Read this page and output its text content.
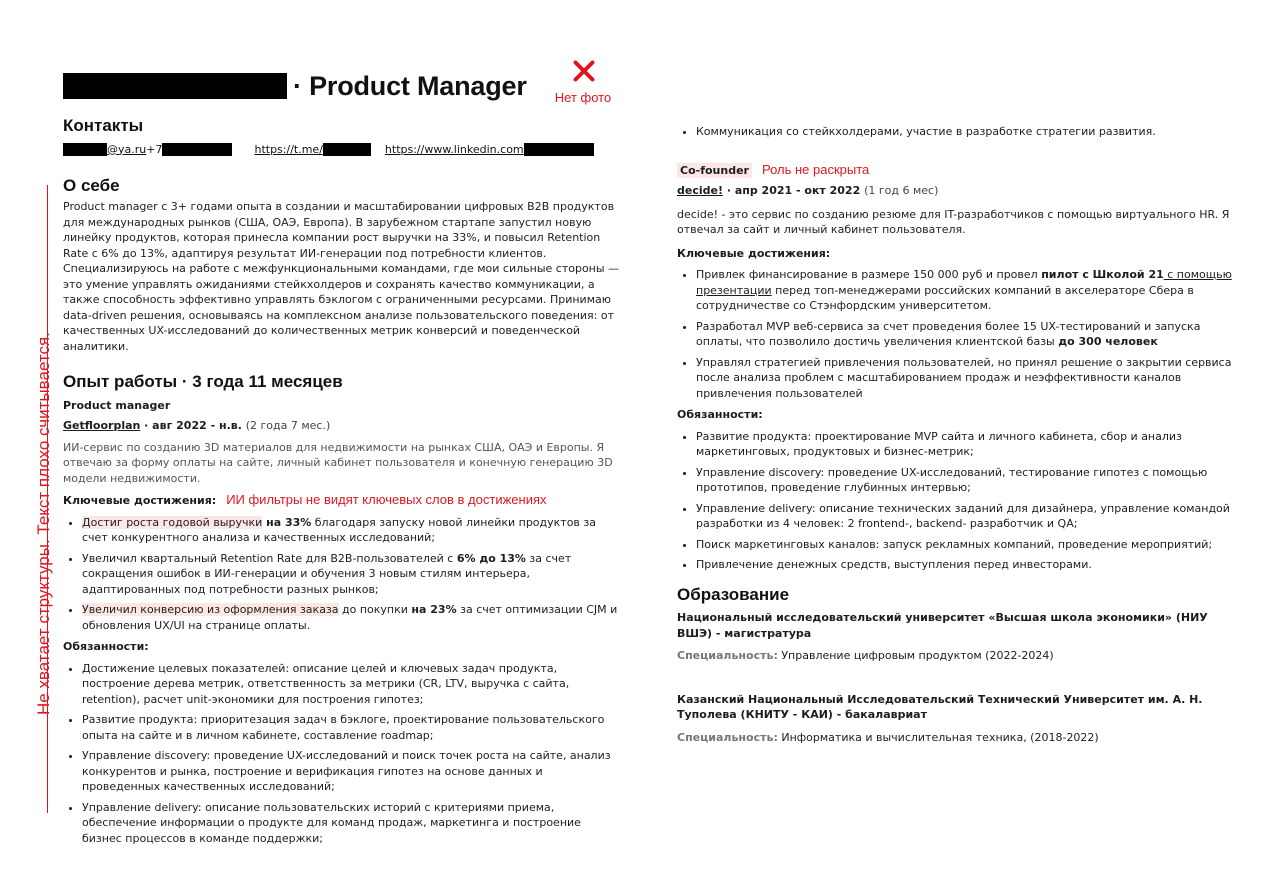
· Product Manager	Нет фото
Не хватает структуры. Текст плохо считывается.
Контакты
@ya.ru +7	https://t.me/	https://www.linkedin.com
О себе

Product manager с 3+ годами опыта в создании и масштабировании цифровых B2B продуктов для международных рынков (США, ОАЭ, Европа). В зарубежном стартапе запустил новую линейку продуктов, которая принесла компании рост выручки на 33%, и повысил Retention Rate с 6% до 13%, адаптируя результат ИИ-генерации под потребности клиентов. Специализируюсь на работе с межфункциональными командами, где мои сильные стороны — это умение управлять ожиданиями стейкхолдеров и сохранять качество коммуникации, а также способность эффективно управлять бэклогом с ограниченными ресурсами. Принимаю data-driven решения, основываясь на комплексном анализе пользовательского поведения: от качественных UX-исследований до количественных метрик конверсий и поведенческой аналитики.

Опыт работы · 3 года 11 месяцев
Product manager
Getfloorplan · авг 2022 - н.в. (2 года 7 мес.)

ИИ-сервис по созданию 3D материалов для недвижимости на рынках США, ОАЭ и Европы. Я отвечаю за форму оплаты на сайте, личный кабинет пользователя и конечную генерацию 3D модели недвижимости.

Ключевые достижения: ИИ фильтры не видят ключевых слов в достижениях
• Достиг роста годовой выручки на 33% благодаря запуску новой линейки продуктов за счет конкурентного анализа и качественных исследований;
• Увеличил квартальный Retention Rate для B2B-пользователей с 6% до 13% за счет сокращения ошибок в ИИ-генерации и обучения 3 новым стилям интерьера, адаптированных под потребности разных рынков;
• Увеличил конверсию из оформления заказа до покупки на 23% за счет оптимизации CJM и обновления UX/UI на странице оплаты.
Обязанности:
• Достижение целевых показателей: описание целей и ключевых задач продукта, построение дерева метрик, ответственность за метрики (CR, LTV, выручка с сайта, retention), расчет unit-экономики для построения гипотез;
• Развитие продукта: приоритезация задач в бэклоге, проектирование пользовательского опыта на сайте и в личном кабинете, составление roadmap;
• Управление discovery: проведение UX-исследований и поиск точек роста на сайте, анализ конкурентов и рынка, построение и верификация гипотез на основе данных и проведенных качественных исследований;
• Управление delivery: описание пользовательских историй с критериями приема, обеспечение информации о продукте для команд продаж, маркетинга и построение бизнес процессов в команде поддержки;
• Коммуникация со стейкхолдерами, участие в разработке стратегии развития.
Co-founder Роль не раскрыта
decide! · апр 2021 - окт 2022 (1 год 6 мес)

decide! - это сервис по созданию резюме для IT-разработчиков с помощью виртуального HR. Я отвечал за сайт и личный кабинет пользователя.

Ключевые достижения:
• Привлек финансирование в размере 150 000 руб и провел пилот с Школой 21 с помощью презентации перед топ-менеджерами российских компаний в акселераторе Сбера в сотрудничестве со Стэнфордским университетом.
• Разработал MVP веб-сервиса за счет проведения более 15 UX-тестирований и запуска оплаты, что позволило достичь увеличения клиентской базы до 300 человек
• Управлял стратегией привлечения пользователей, но принял решение о закрытии сервиса после анализа проблем с масштабированием продаж и неэффективности каналов привлечения пользователей
Обязанности:
• Развитие продукта: проектирование MVP сайта и личного кабинета, сбор и анализ маркетинговых, продуктовых и бизнес-метрик;
• Управление discovery: проведение UX-исследований, тестирование гипотез с помощью прототипов, проведение глубинных интервью;
• Управление delivery: описание технических заданий для дизайнера, управление командой разработки из 4 человек: 2 frontend-, backend- разработчик и QA;
• Поиск маркетинговых каналов: запуск рекламных компаний, проведение мероприятий;
• Привлечение денежных средств, выступления перед инвесторами.
Образование
Национальный исследовательский университет «Высшая школа экономики» (НИУ ВШЭ) - магистратура
Специальность: Управление цифровым продуктом (2022-2024)
Казанский Национальный Исследовательский Технический Университет им. А. Н. Туполева (КНИТУ - КАИ) - бакалавриат
Специальность: Информатика и вычислительная техника, (2018-2022)
